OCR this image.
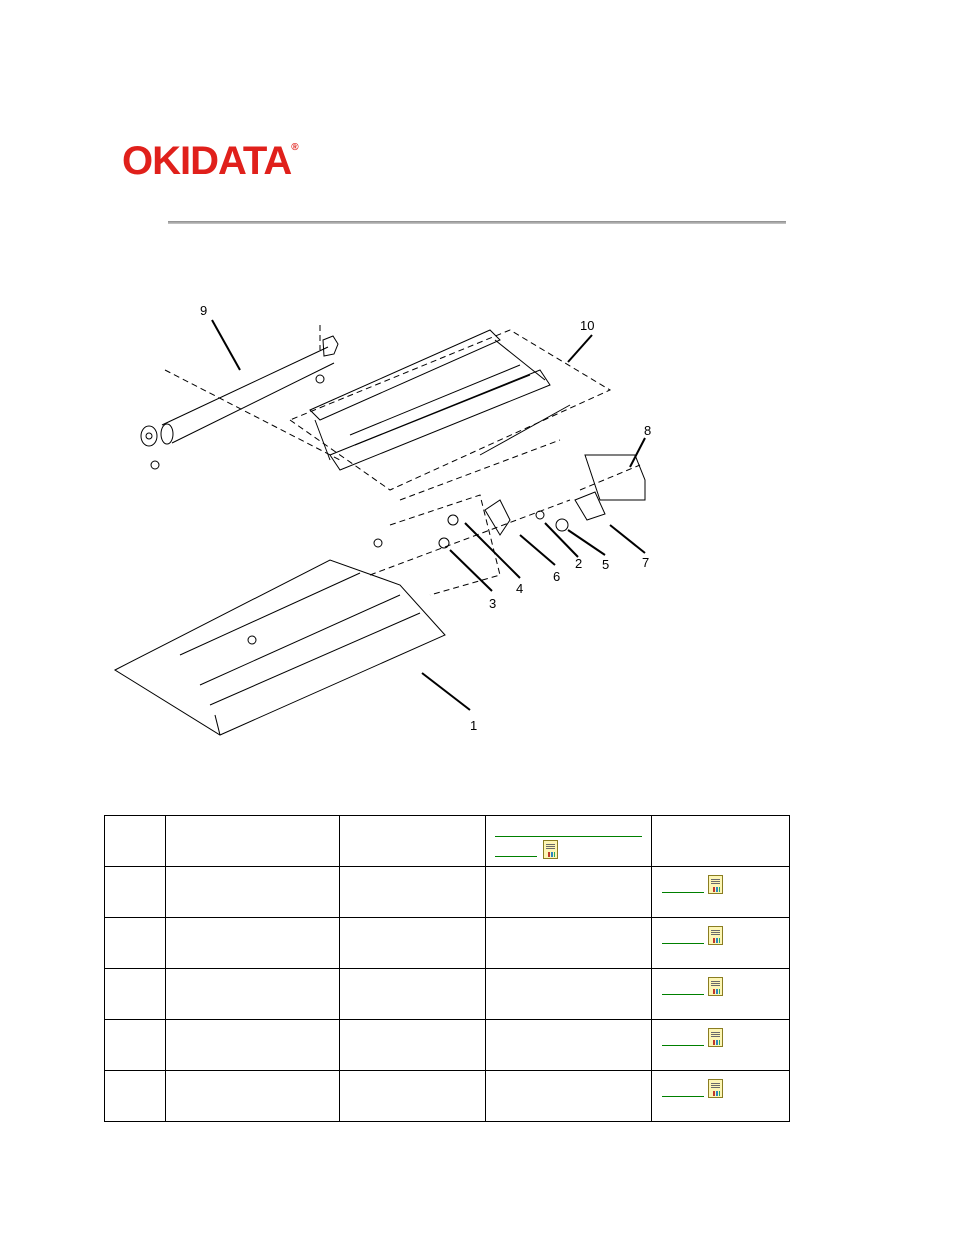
OKIDATA ®
9
10
8
7
5
2
6
4
3
1
